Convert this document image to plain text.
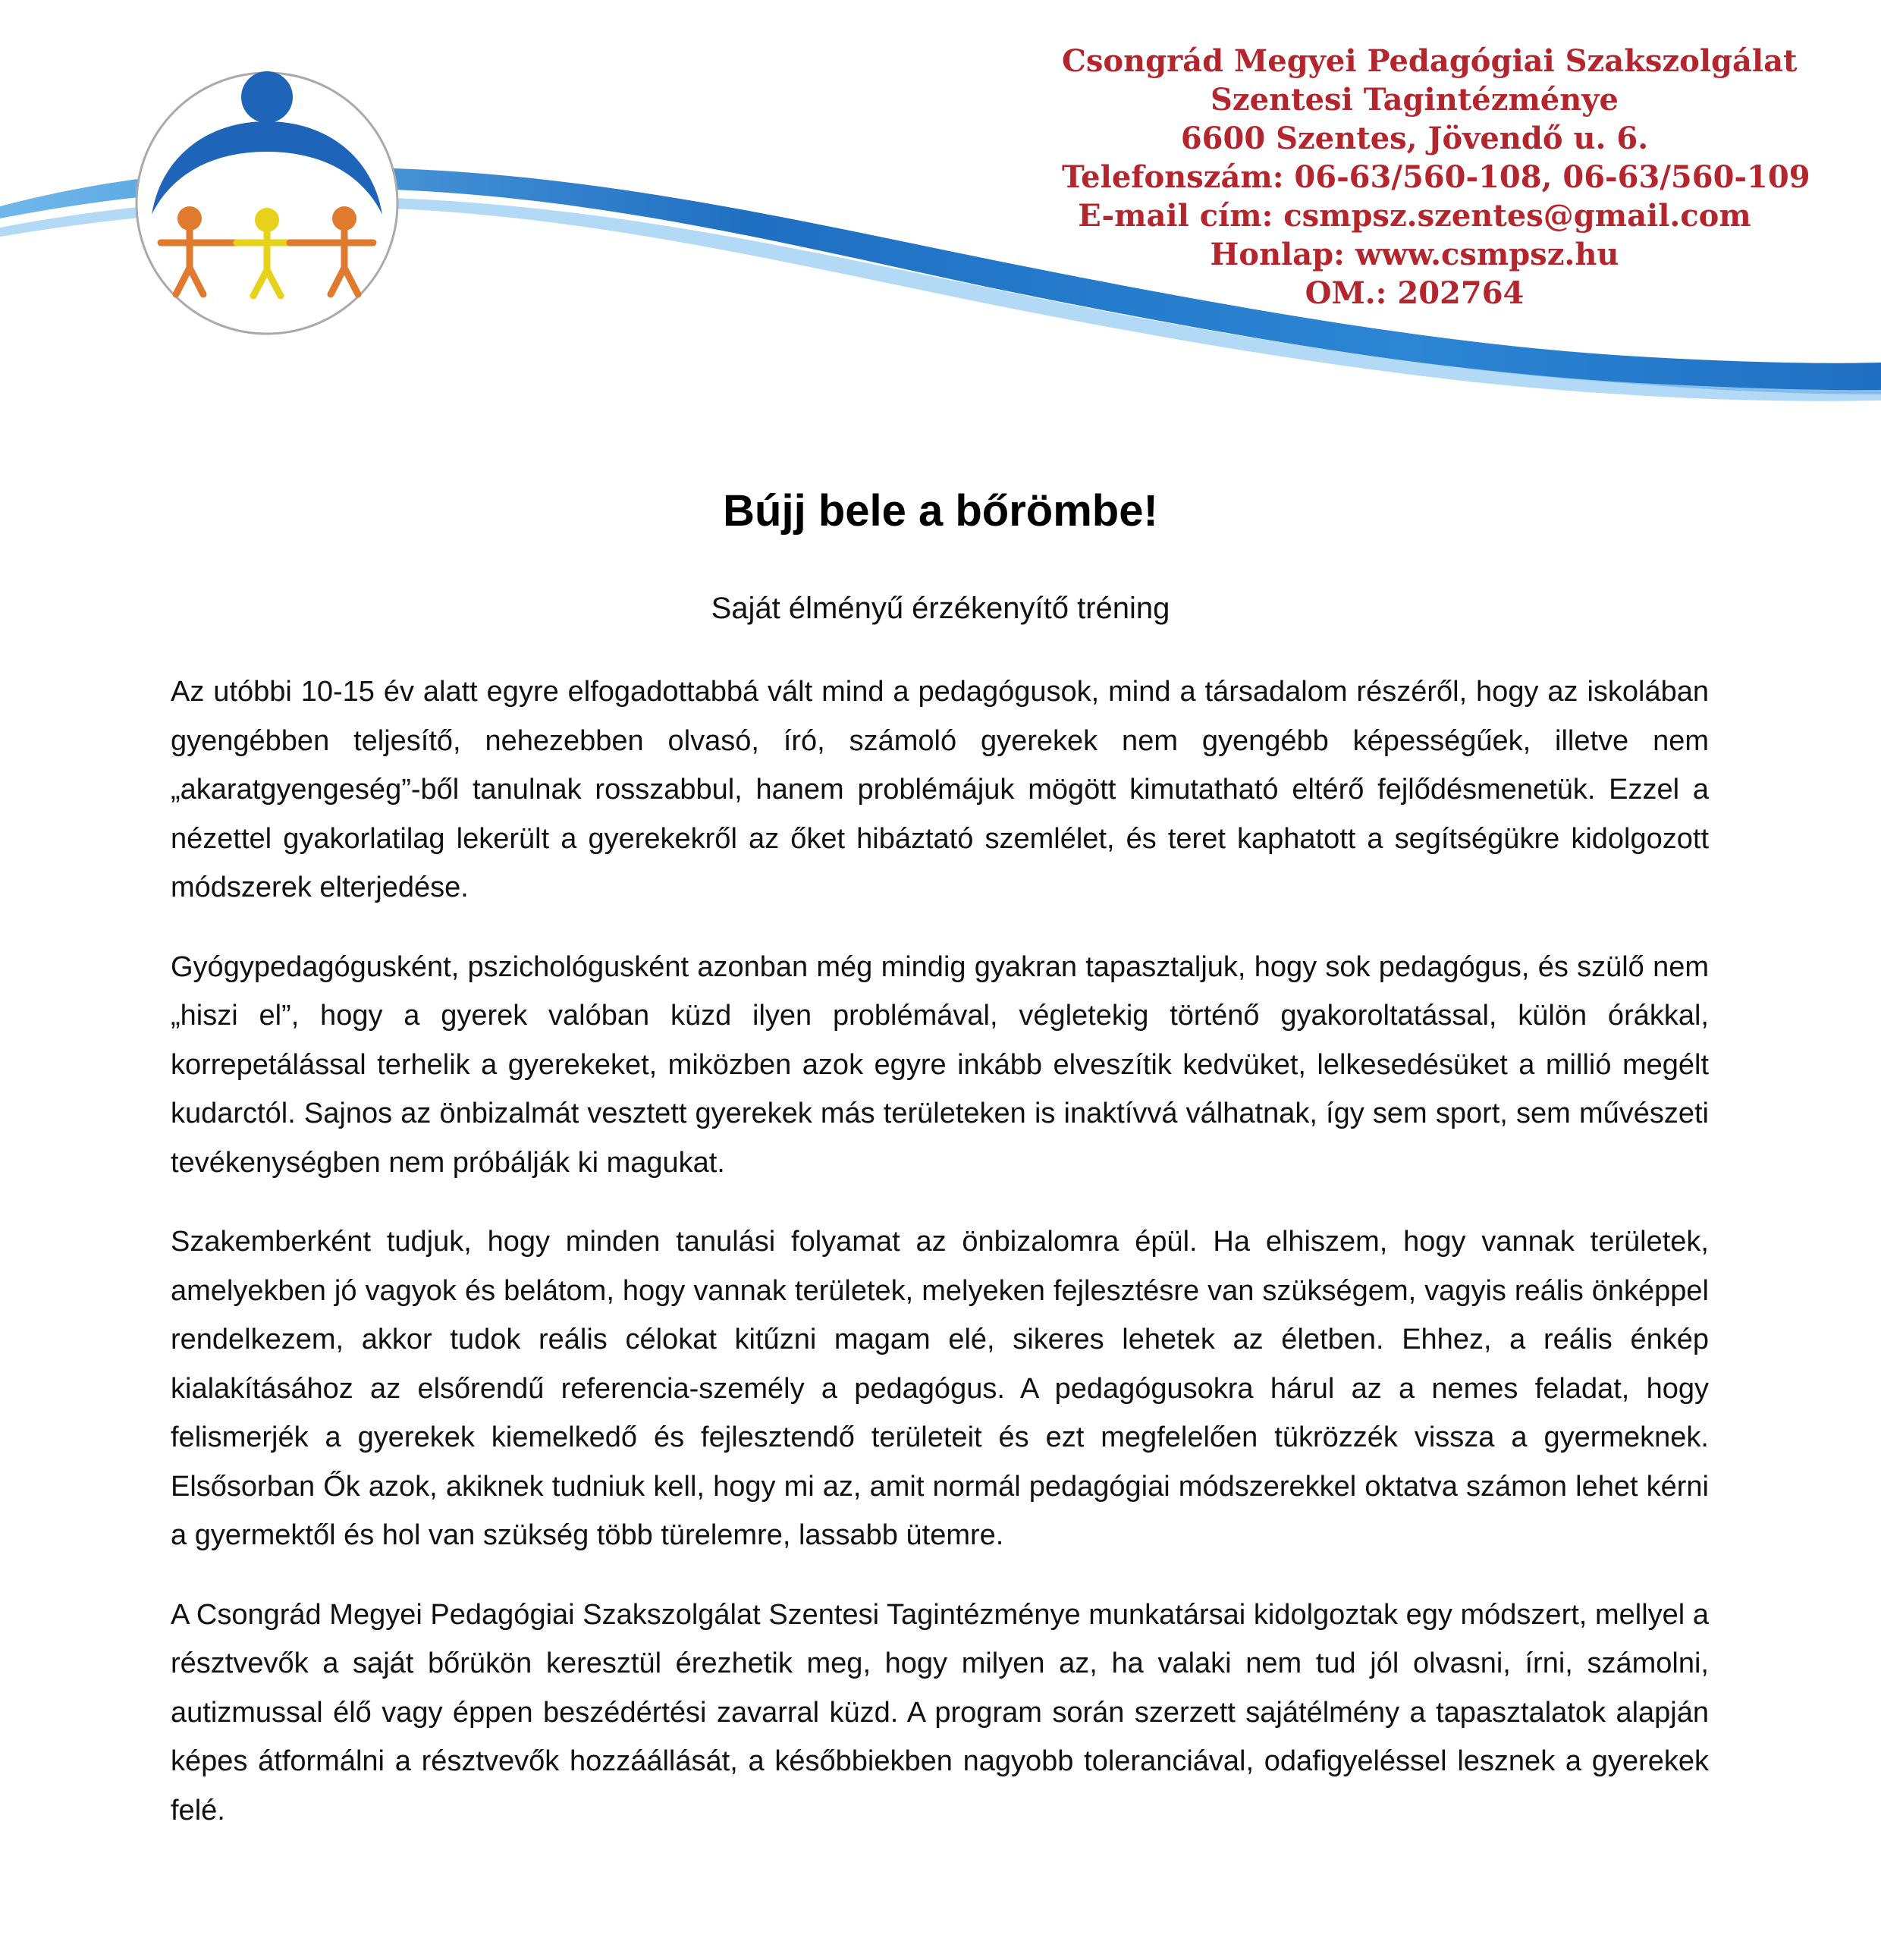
Csongrád Megyei Pedagógiai Szakszolgálat
Szentesi Tagintézménye
6600 Szentes, Jövendő u. 6.
Telefonszám: 06-63/560-108, 06-63/560-109
E-mail cím: csmpsz.szentes@gmail.com
Honlap: www.csmpsz.hu
OM.: 202764
Bújj bele a bőrömbe!
Saját élményű érzékenyítő tréning

Az utóbbi 10-15 év alatt egyre elfogadottabbá vált mind a pedagógusok, mind a társadalom részéről, hogy az iskolában gyengébben teljesítő, nehezebben olvasó, író, számoló gyerekek nem gyengébb képességűek, illetve nem „akaratgyengeség”-ből tanulnak rosszabbul, hanem problémájuk mögött kimutatható eltérő fejlődésmenetük. Ezzel a nézettel gyakorlatilag lekerült a gyerekekről az őket hibáztató szemlélet, és teret kaphatott a segítségükre kidolgozott módszerek elterjedése.

Gyógypedagógusként, pszichológusként azonban még mindig gyakran tapasztaljuk, hogy sok pedagógus, és szülő nem „hiszi el”, hogy a gyerek valóban küzd ilyen problémával, végletekig történő gyakoroltatással, külön órákkal, korrepetálással terhelik a gyerekeket, miközben azok egyre inkább elveszítik kedvüket, lelkesedésüket a millió megélt kudarctól. Sajnos az önbizalmát vesztett gyerekek más területeken is inaktívvá válhatnak, így sem sport, sem művészeti tevékenységben nem próbálják ki magukat.

Szakemberként tudjuk, hogy minden tanulási folyamat az önbizalomra épül. Ha elhiszem, hogy vannak területek, amelyekben jó vagyok és belátom, hogy vannak területek, melyeken fejlesztésre van szükségem, vagyis reális önképpel rendelkezem, akkor tudok reális célokat kitűzni magam elé, sikeres lehetek az életben. Ehhez, a reális énkép kialakításához az elsőrendű referencia-személy a pedagógus. A pedagógusokra hárul az a nemes feladat, hogy felismerjék a gyerekek kiemelkedő és fejlesztendő területeit és ezt megfelelően tükrözzék vissza a gyermeknek. Elsősorban Ők azok, akiknek tudniuk kell, hogy mi az, amit normál pedagógiai módszerekkel oktatva számon lehet kérni a gyermektől és hol van szükség több türelemre, lassabb ütemre.

A Csongrád Megyei Pedagógiai Szakszolgálat Szentesi Tagintézménye munkatársai kidolgoztak egy módszert, mellyel a résztvevők a saját bőrükön keresztül érezhetik meg, hogy milyen az, ha valaki nem tud jól olvasni, írni, számolni, autizmussal élő vagy éppen beszédértési zavarral küzd. A program során szerzett sajátélmény a tapasztalatok alapján képes átformálni a résztvevők hozzáállását, a későbbiekben nagyobb toleranciával, odafigyeléssel lesznek a gyerekek felé.
